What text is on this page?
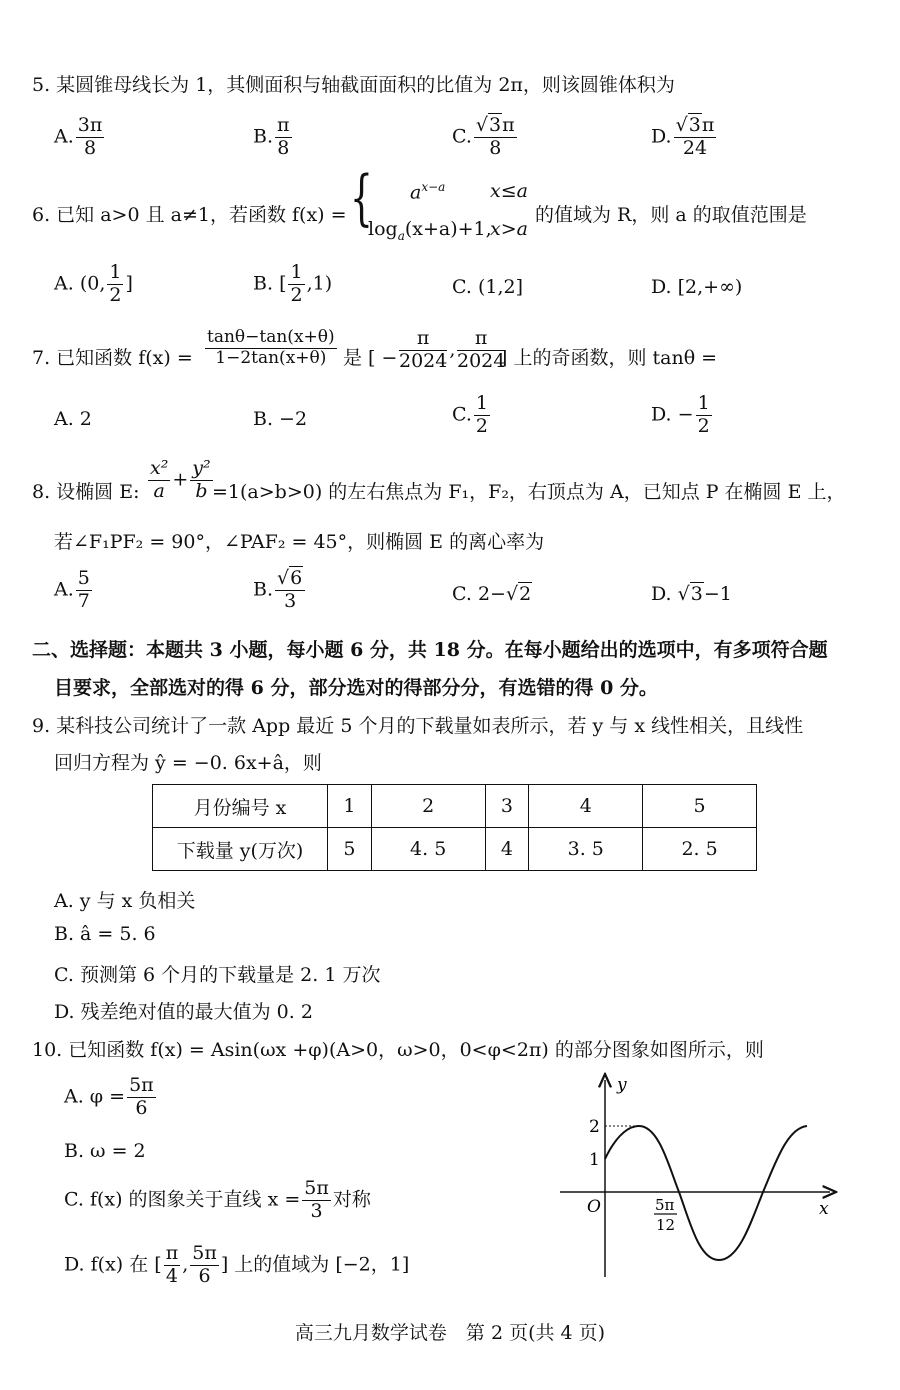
5. 某圆锥母线长为 1，其侧面积与轴截面面积的比值为 2π，则该圆锥体积为
A. $\frac{3\pi}{8}$	B. $\frac{\pi}{8}$	C. $\frac{√3\pi}{8}$	D. $\frac{√3\pi}{24}$
6. 已知 a>0 且 a≠1，若函数 f(x) = { $a^{x-a}$ x≤a
$\log_a(x+a)+1$,
x>a
的值域为 R，则 a 的取值范围是
A. (0, $\frac{1}{2}$ ]	B. [ $\frac{1}{2} ,1$)	C. (1,2]	D. [2,+∞)
7. 已知函数 $f(x) = \frac{\tan\theta-\tan(x+\theta)}{1-2\tan(x+\theta)}$ 是 [ − $\frac{\pi}{2024}$ , $\frac{\pi}{2024}$
] 上的奇函数，则 tanθ =
A. 2	B. −2	C. $\frac{1}{2}$	D. − $\frac{1}{2}$
8. 设椭圆 E: $\frac{\text{x²}}{a} + \frac{\text{y²}}{b} =1(a>b>0)$ 的左右焦点为 F₁，F₂，右顶点为 A，已知点 P 在椭圆 E 上，
若∠F₁PF₂ = 90°，∠PAF₂ = 45°，则椭圆 E 的离心率为
A. $\frac{5}{7}$	B. $\frac{√6}{3}$	C. 2−√2	D. √3−1
二、选择题：本题共 3 小题，每小题 6 分，共 18 分。在每小题给出的选项中，有多项符合题
目要求，全部选对的得 6 分，部分选对的得部分分，有选错的得 0 分。
9. 某科技公司统计了一款 App 最近 5 个月的下载量如表所示，若 y 与 x 线性相关，且线性
回归方程为 ŷ = −0. 6x+â，则
月份编号 x	1	2	3	4	5
下载量 y(万次)	5	4. 5	4	3. 5	2. 5
A. y 与 x 负相关
B. â = 5. 6
C. 预测第 6 个月的下载量是 2. 1 万次
D. 残差绝对值的最大值为 0. 2
10. 已知函数 f(x) = Asin(ωx +φ)(A>0，ω>0，0<φ<2π) 的部分图象如图所示，则
A. $\varphi = \frac{5\pi}{6}$
B. ω = 2
C. f(x) 的图象关于直线 $x = \frac{5\pi}{3}$ 对称
D. f(x) 在 [ $\frac{\pi}{4}$ , $\frac{5\pi}{6}$ ] 上的值域为 [−2，1]
y
x
O
2
1
5π
12
高三九月数学试卷　第 2 页(共 4 页)
